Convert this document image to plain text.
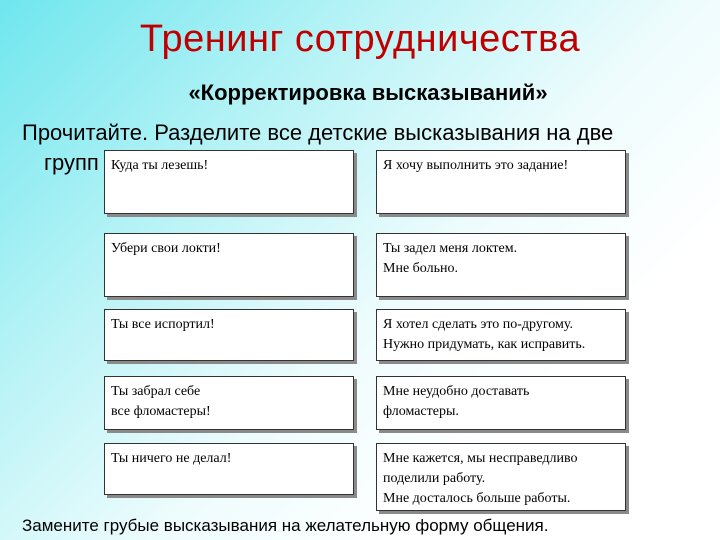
Тренинг сотрудничества
«Корректировка высказываний»
Прочитайте. Разделите все детские высказывания на две
групп Куда ты лезешь!
Убери свои локти!
Ты все испортил!
Ты забрал себе
все фломастеры!
Ты ничего не делал!
Я хочу выполнить это задание!
Ты задел меня локтем.
Мне больно.
Я хотел сделать это по-другому.
Нужно придумать, как исправить.
Мне неудобно доставать
фломастеры.
Мне кажется, мы несправедливо
поделили работу.
Мне досталось больше работы.
Замените грубые высказывания на желательную форму общения.
